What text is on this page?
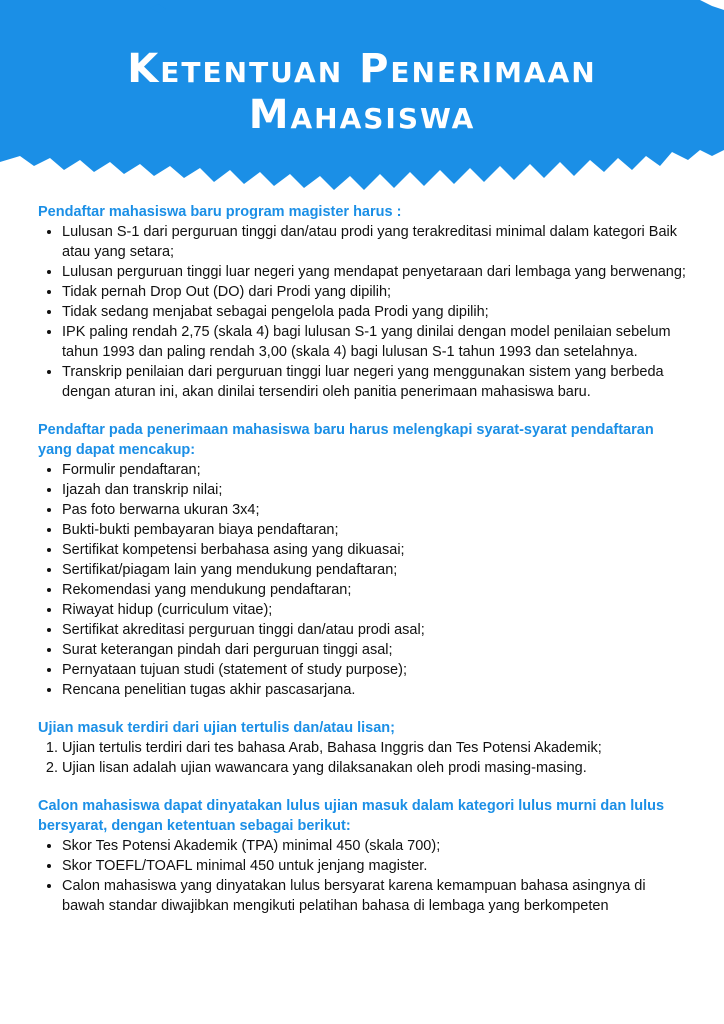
Ketentuan Penerimaan
Mahasiswa

Pendaftar mahasiswa baru program magister harus :

• Lulusan S-1 dari perguruan tinggi dan/atau prodi yang terakreditasi minimal dalam kategori Baik atau yang setara;
• Lulusan perguruan tinggi luar negeri yang mendapat penyetaraan dari lembaga yang berwenang;
• Tidak pernah Drop Out (DO) dari Prodi yang dipilih;
• Tidak sedang menjabat sebagai pengelola pada Prodi yang dipilih;
• IPK paling rendah 2,75 (skala 4) bagi lulusan S-1 yang dinilai dengan model penilaian sebelum tahun 1993 dan paling rendah 3,00 (skala 4) bagi lulusan S-1 tahun 1993 dan setelahnya.
• Transkrip penilaian dari perguruan tinggi luar negeri yang menggunakan sistem yang berbeda dengan aturan ini, akan dinilai tersendiri oleh panitia penerimaan mahasiswa baru.

Pendaftar pada penerimaan mahasiswa baru harus melengkapi syarat-syarat pendaftaran yang dapat mencakup:

• Formulir pendaftaran;
• Ijazah dan transkrip nilai;
• Pas foto berwarna ukuran 3x4;
• Bukti-bukti pembayaran biaya pendaftaran;
• Sertifikat kompetensi berbahasa asing yang dikuasai;
• Sertifikat/piagam lain yang mendukung pendaftaran;
• Rekomendasi yang mendukung pendaftaran;
• Riwayat hidup (curriculum vitae);
• Sertifikat akreditasi perguruan tinggi dan/atau prodi asal;
• Surat keterangan pindah dari perguruan tinggi asal;
• Pernyataan tujuan studi (statement of study purpose);
• Rencana penelitian tugas akhir pascasarjana.

Ujian masuk terdiri dari ujian tertulis dan/atau lisan;

1. Ujian tertulis terdiri dari tes bahasa Arab, Bahasa Inggris dan Tes Potensi Akademik;
2. Ujian lisan adalah ujian wawancara yang dilaksanakan oleh prodi masing-masing.

Calon mahasiswa dapat dinyatakan lulus ujian masuk dalam kategori lulus murni dan lulus bersyarat, dengan ketentuan sebagai berikut:

• Skor Tes Potensi Akademik (TPA) minimal 450 (skala 700);
• Skor TOEFL/TOAFL minimal 450 untuk jenjang magister.
• Calon mahasiswa yang dinyatakan lulus bersyarat karena kemampuan bahasa asingnya di bawah standar diwajibkan mengikuti pelatihan bahasa di lembaga yang berkompeten
